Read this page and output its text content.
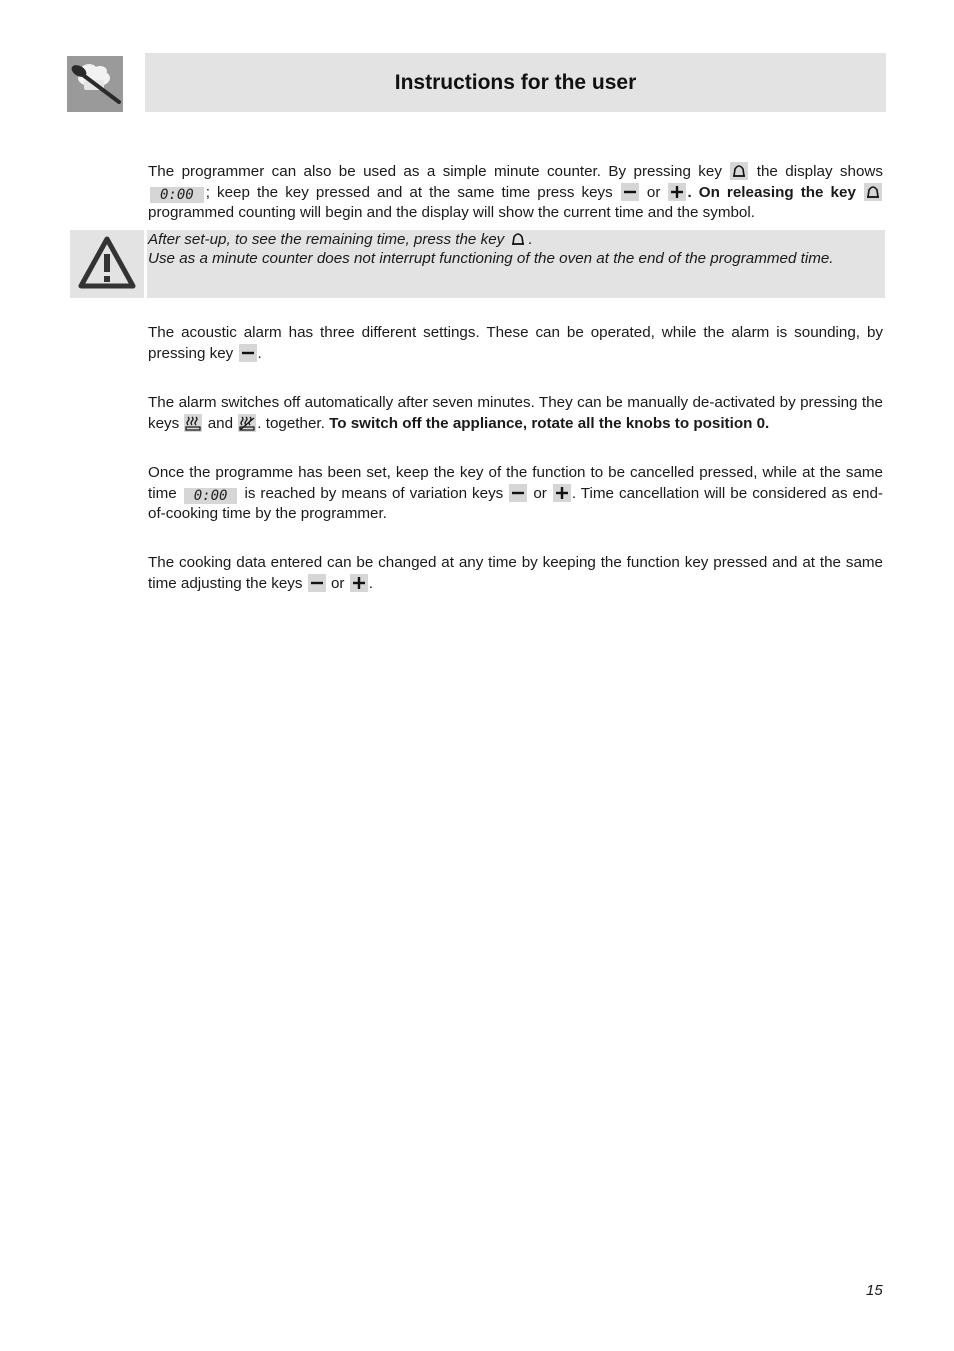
Instructions for the user

The programmer can also be used as a simple minute counter. By pressing key the display shows 0:00 ; keep the key pressed and at the same time press keys or . On releasing the key
programmed counting will begin and the display will show the current time and the symbol.

After set-up, to see the remaining time, press the key .
Use as a minute counter does not interrupt functioning of the oven at the end of the programmed time.

The acoustic alarm has three different settings. These can be operated, while the alarm is sounding, by pressing key .

The alarm switches off automatically after seven minutes. They can be manually de-activated by pressing the keys and . together. To switch off the appliance, rotate all the knobs to position 0.

Once the programme has been set, keep the key of the function to be cancelled pressed, while at the same time 0:00 is reached by means of variation keys or . Time cancellation will be considered as end-of-cooking time by the programmer.

The cooking data entered can be changed at any time by keeping the function key pressed and at the same time adjusting the keys or .

15
